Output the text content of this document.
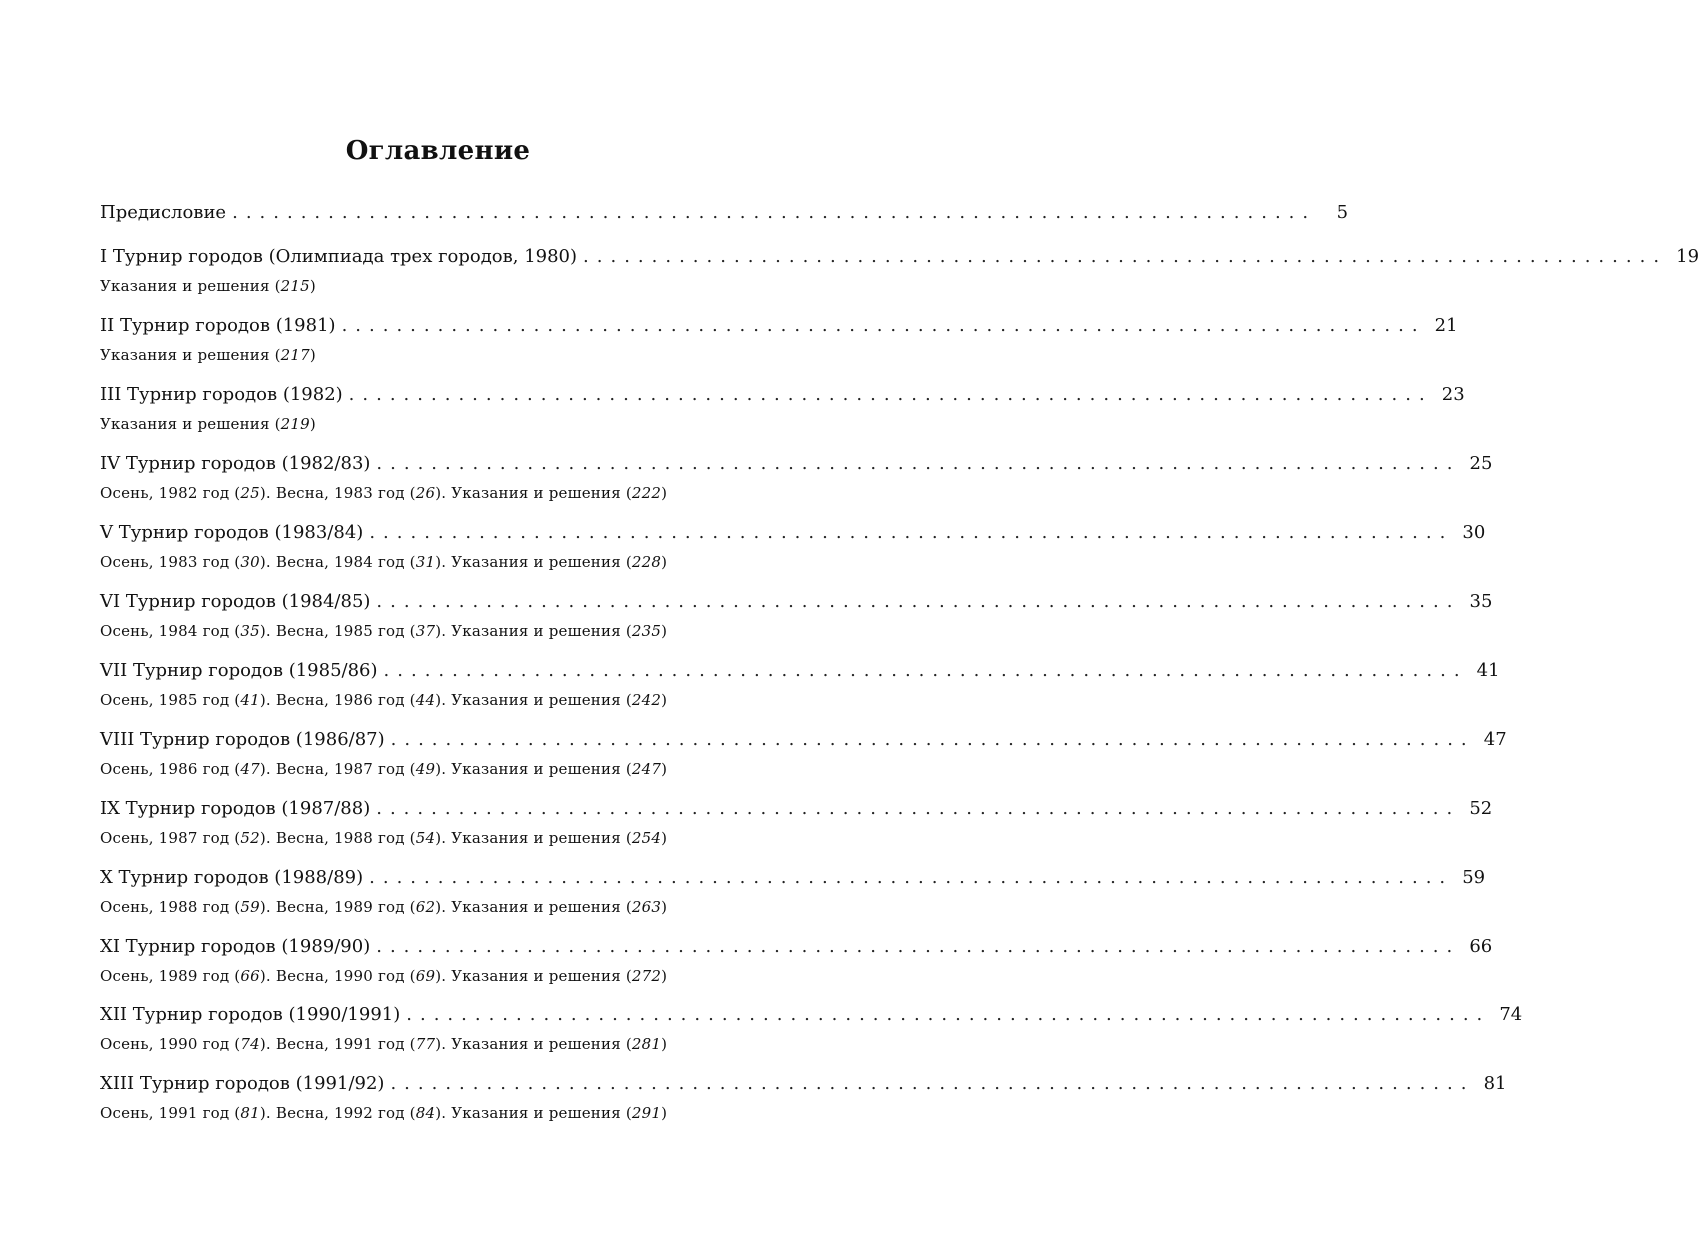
Оглавление
Предисловие ...............................................................................	5
I Турнир городов (Олимпиада трех городов, 1980) ............................................................................... 19
Указания и решения (215)
II Турнир городов (1981) ............................................................................... 21
Указания и решения (217)
III Турнир городов (1982) ............................................................................... 23
Указания и решения (219)
IV Турнир городов (1982/83) ............................................................................... 25
Осень, 1982 год (25). Весна, 1983 год (26). Указания и решения (222)
V Турнир городов (1983/84) ............................................................................... 30
Осень, 1983 год (30). Весна, 1984 год (31). Указания и решения (228)
VI Турнир городов (1984/85) ............................................................................... 35
Осень, 1984 год (35). Весна, 1985 год (37). Указания и решения (235)
VII Турнир городов (1985/86) ............................................................................... 41
Осень, 1985 год (41). Весна, 1986 год (44). Указания и решения (242)
VIII Турнир городов (1986/87) ............................................................................... 47
Осень, 1986 год (47). Весна, 1987 год (49). Указания и решения (247)
IX Турнир городов (1987/88) ............................................................................... 52
Осень, 1987 год (52). Весна, 1988 год (54). Указания и решения (254)
X Турнир городов (1988/89) ............................................................................... 59
Осень, 1988 год (59). Весна, 1989 год (62). Указания и решения (263)
XI Турнир городов (1989/90) ............................................................................... 66
Осень, 1989 год (66). Весна, 1990 год (69). Указания и решения (272)
XII Турнир городов (1990/1991) ............................................................................... 74
Осень, 1990 год (74). Весна, 1991 год (77). Указания и решения (281)
XIII Турнир городов (1991/92) ............................................................................... 81
Осень, 1991 год (81). Весна, 1992 год (84). Указания и решения (291)
